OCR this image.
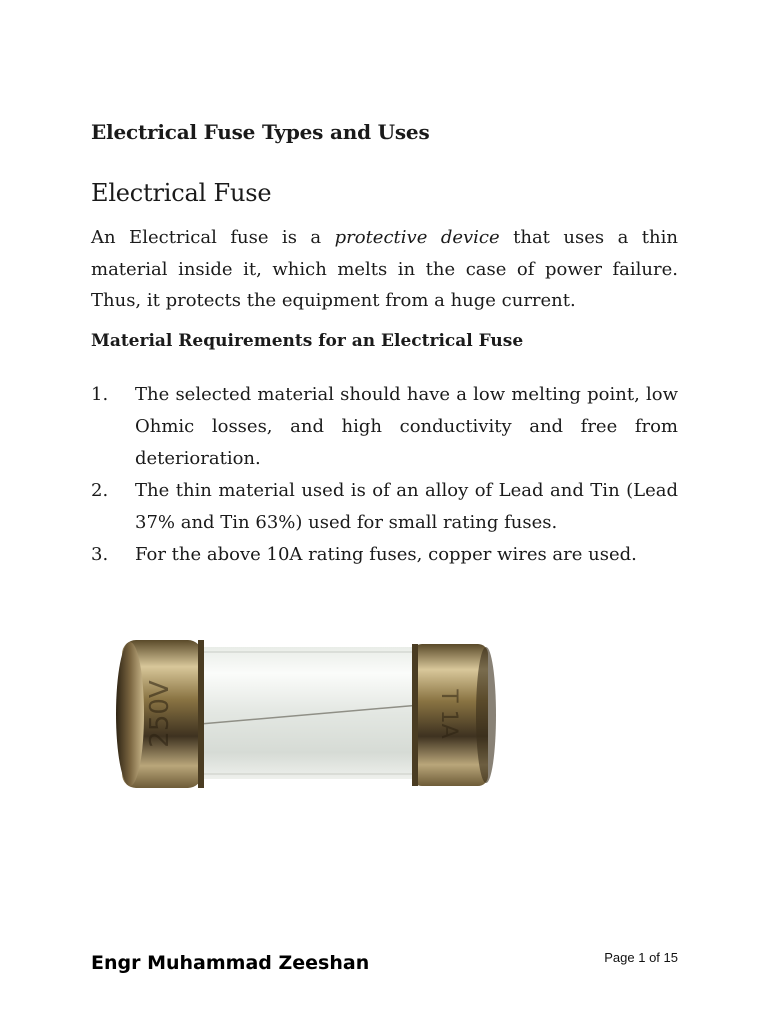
Electrical Fuse Types and Uses
Electrical Fuse

An Electrical fuse is a protective device that uses a thin material inside it, which melts in the case of power failure. Thus, it protects the equipment from a huge current.

Material Requirements for an Electrical Fuse
1.	The selected material should have a low melting point, low Ohmic losses, and high conductivity and free from deterioration.
2.	The thin material used is of an alloy of Lead and Tin (Lead 37% and Tin 63%) used for small rating fuses.
3.	For the above 10A rating fuses, copper wires are used.
250V	T 1A

Engr Muhammad Zeeshan	Page 1 of 15
